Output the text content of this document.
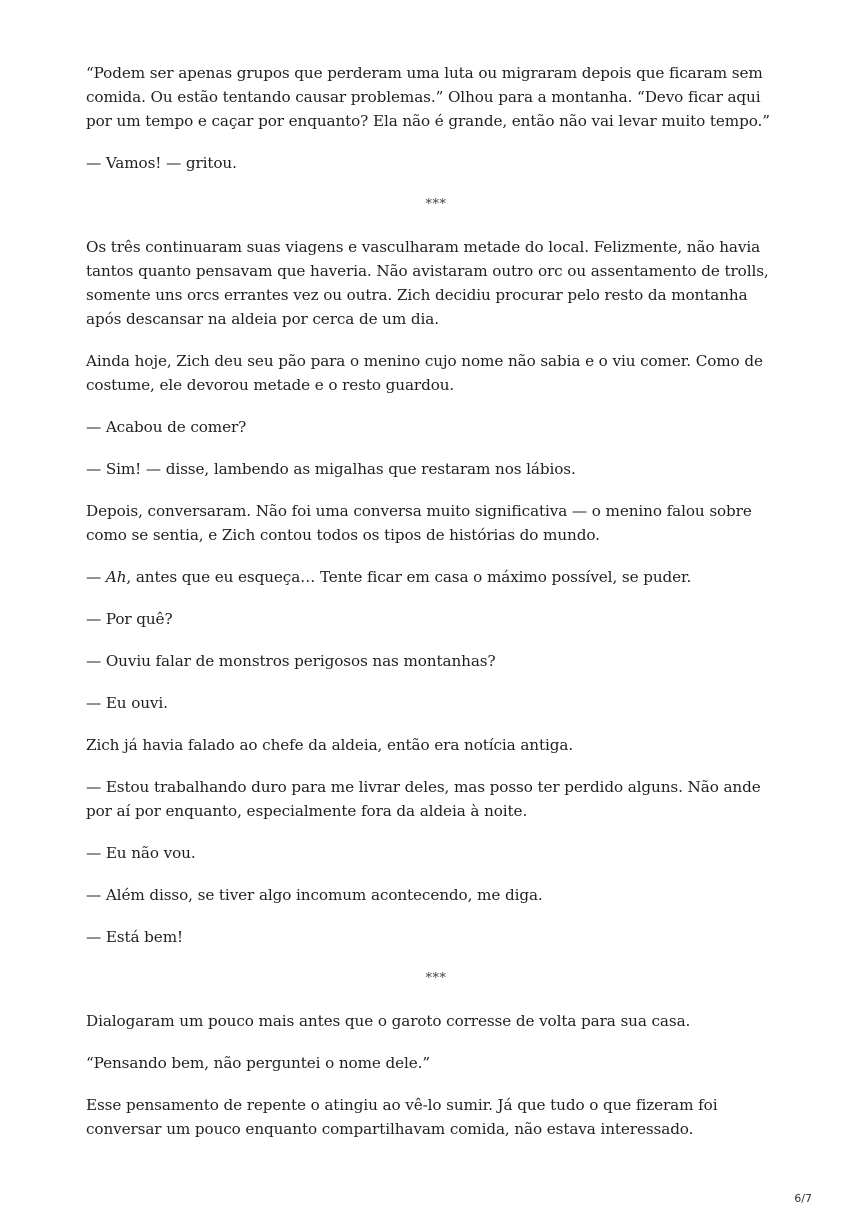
“Podem ser apenas grupos que perderam uma luta ou migraram depois que ficaram sem comida. Ou estão tentando causar problemas.” Olhou para a montanha. “Devo ficar aqui por um tempo e caçar por enquanto? Ela não é grande, então não vai levar muito tempo.”

— Vamos! — gritou.

***

Os três continuaram suas viagens e vasculharam metade do local. Felizmente, não havia tantos quanto pensavam que haveria. Não avistaram outro orc ou assentamento de trolls, somente uns orcs errantes vez ou outra. Zich decidiu procurar pelo resto da montanha após descansar na aldeia por cerca de um dia.

Ainda hoje, Zich deu seu pão para o menino cujo nome não sabia e o viu comer. Como de costume, ele devorou metade e o resto guardou.

— Acabou de comer?

— Sim! — disse, lambendo as migalhas que restaram nos lábios.

Depois, conversaram. Não foi uma conversa muito significativa — o menino falou sobre como se sentia, e Zich contou todos os tipos de histórias do mundo.

— Ah, antes que eu esqueça… Tente ficar em casa o máximo possível, se puder.

— Por quê?

— Ouviu falar de monstros perigosos nas montanhas?

— Eu ouvi.

Zich já havia falado ao chefe da aldeia, então era notícia antiga.

— Estou trabalhando duro para me livrar deles, mas posso ter perdido alguns. Não ande por aí por enquanto, especialmente fora da aldeia à noite.

— Eu não vou.

— Além disso, se tiver algo incomum acontecendo, me diga.

— Está bem!

***

Dialogaram um pouco mais antes que o garoto corresse de volta para sua casa.

“Pensando bem, não perguntei o nome dele.”

Esse pensamento de repente o atingiu ao vê-lo sumir. Já que tudo o que fizeram foi conversar um pouco enquanto compartilhavam comida, não estava interessado.

6/7
